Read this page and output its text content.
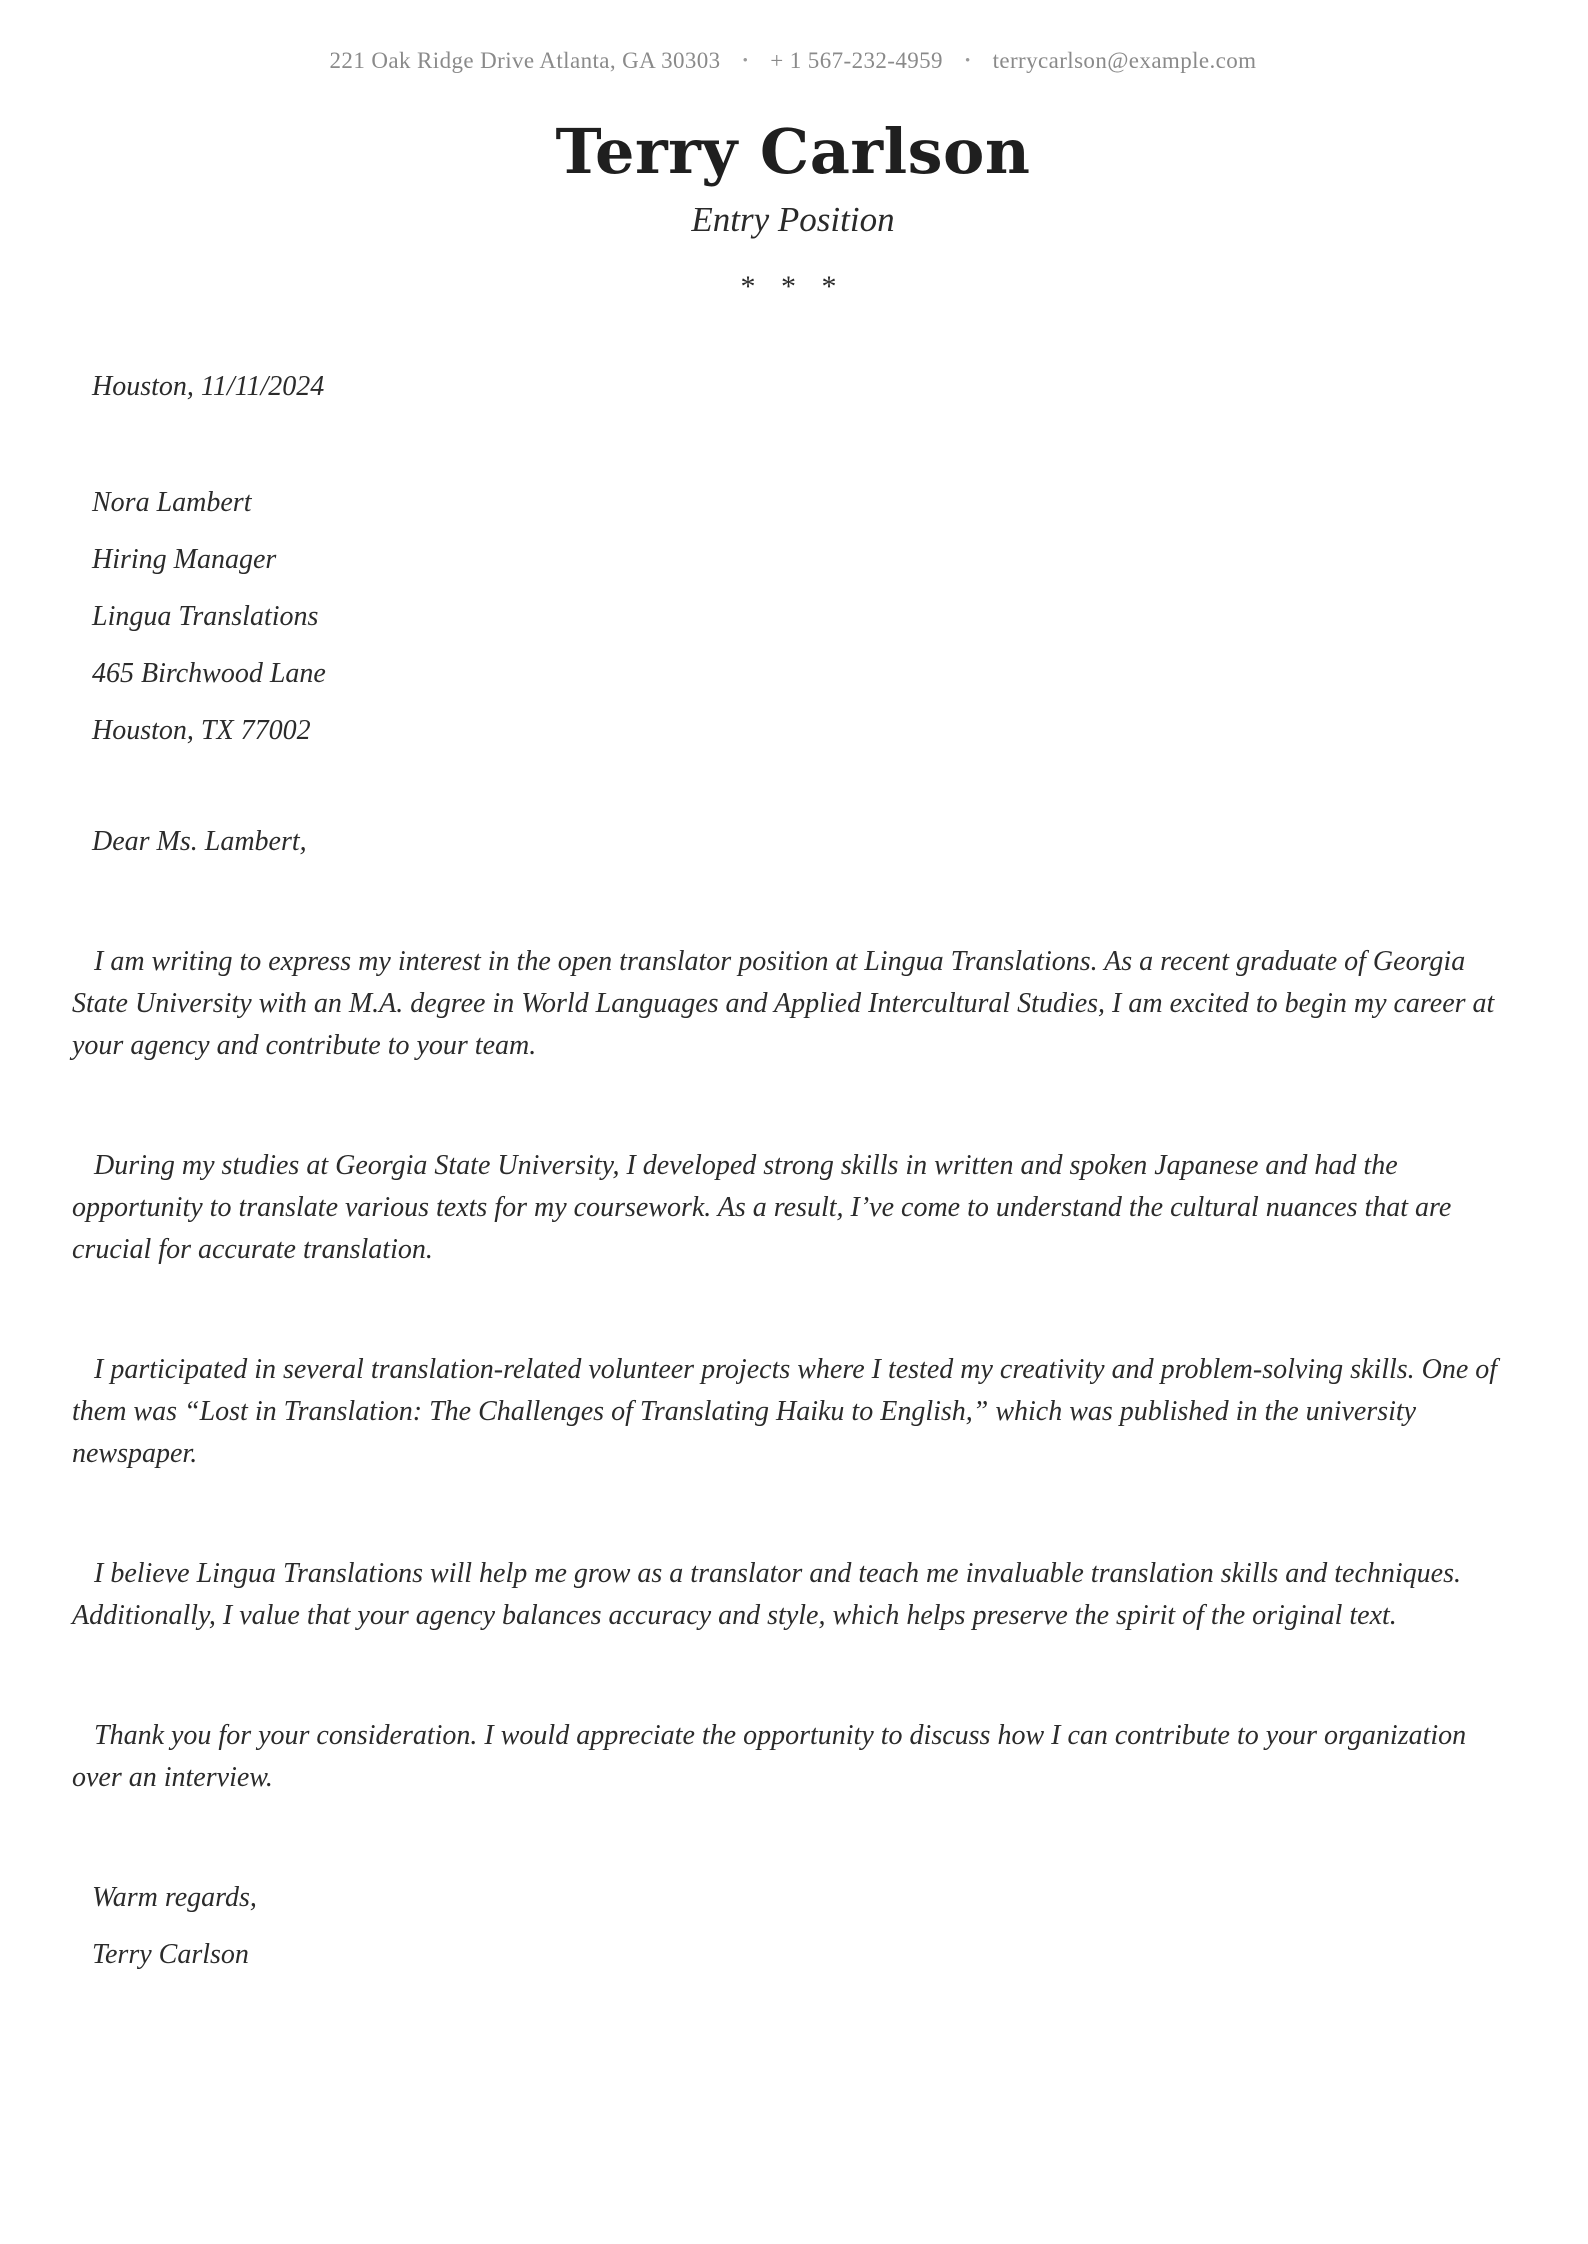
221 Oak Ridge Drive Atlanta, GA 30303 • + 1 567-232-4959 • terrycarlson@example.com
Terry Carlson
Entry Position
* * *
Houston, 11/11/2024
Nora Lambert
Hiring Manager
Lingua Translations
465 Birchwood Lane
Houston, TX 77002
Dear Ms. Lambert,

I am writing to express my interest in the open translator position at Lingua Translations. As a recent graduate of Georgia State University with an M.A. degree in World Languages and Applied Intercultural Studies, I am excited to begin my career at your agency and contribute to your team.

During my studies at Georgia State University, I developed strong skills in written and spoken Japanese and had the opportunity to translate various texts for my coursework. As a result, I’ve come to understand the cultural nuances that are crucial for accurate translation.

I participated in several translation-related volunteer projects where I tested my creativity and problem-solving skills. One of them was “Lost in Translation: The Challenges of Translating Haiku to English,” which was published in the university newspaper.

I believe Lingua Translations will help me grow as a translator and teach me invaluable translation skills and techniques. Additionally, I value that your agency balances accuracy and style, which helps preserve the spirit of the original text.

Thank you for your consideration. I would appreciate the opportunity to discuss how I can contribute to your organization over an interview.

Warm regards,
Terry Carlson
